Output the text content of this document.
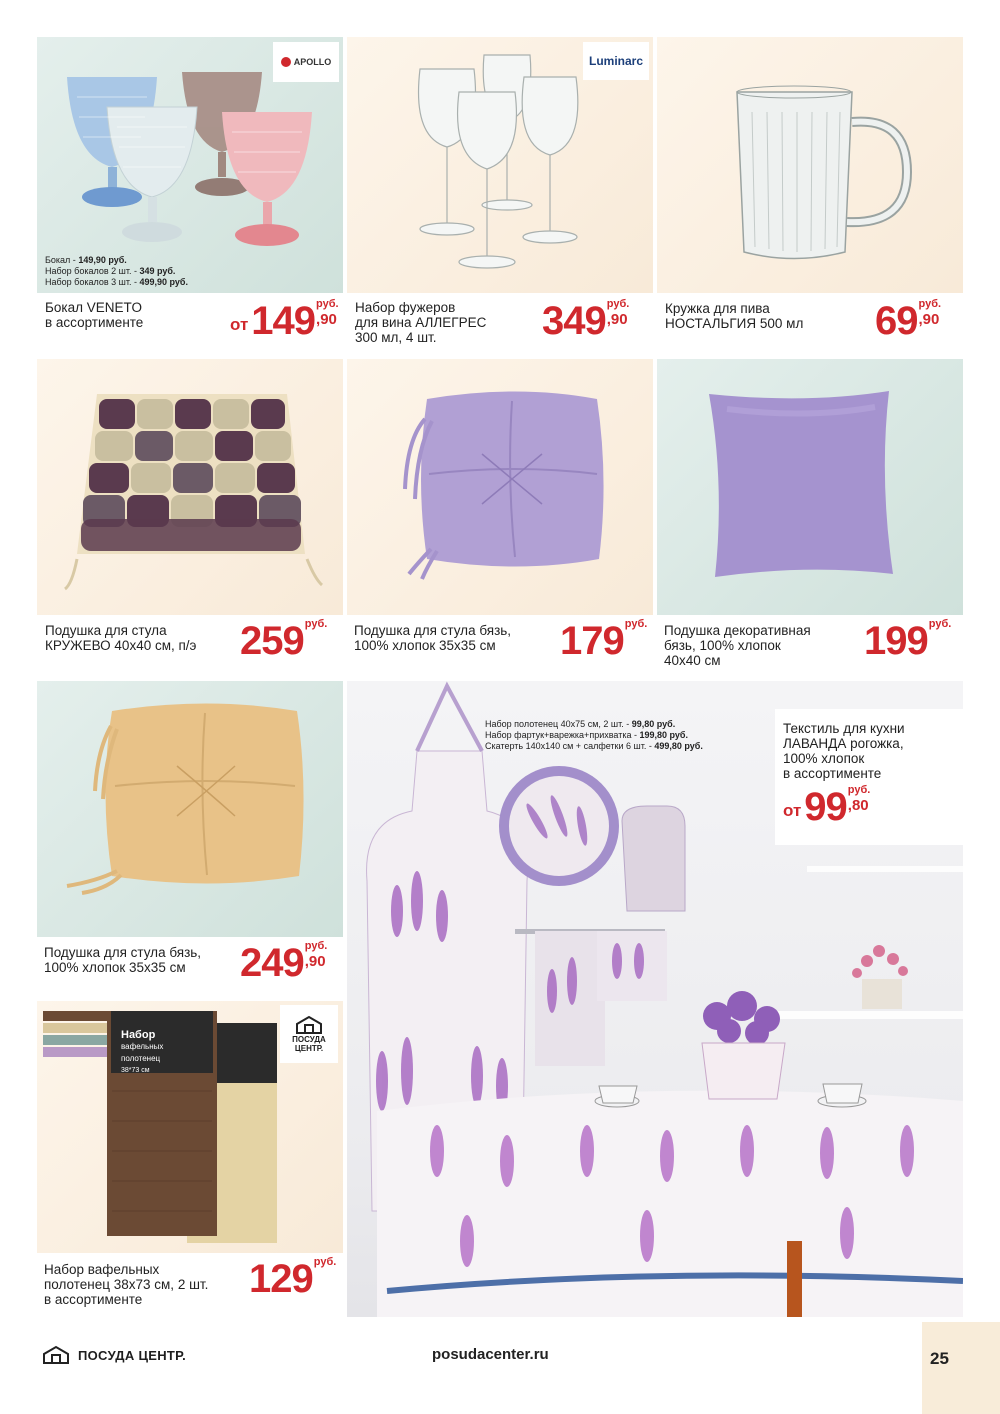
APOLLO
Бокал - 149,90 руб.
Набор бокалов 2 шт. - 349 руб.
Набор бокалов 3 шт. - 499,90 руб.
Бокал VENETO
в ассортименте	от149 руб.
,90
Luminarc
Набор фужеров
для вина АЛЛЕГРЕС
300 мл, 4 шт.	349 руб.
,90
Кружка для пива
НОСТАЛЬГИЯ 500 мл 69 руб.
,90
Подушка для стула
КРУЖЕВО 40х40 см, п/э 259 руб. Подушка для стула бязь,
100% хлопок 35х35 см	179 руб. Подушка декоративная
бязь, 100% хлопок
40х40 см	199 руб.
Подушка для стула бязь,
100% хлопок 35х35 см	249 руб.
,90
Набор
вафельных
полотенец
38*73 см
ПОСУДА
ЦЕНТР.
Набор вафельных
полотенец 38х73 см, 2 шт.
в ассортименте	129 руб.
Набор полотенец 40х75 см, 2 шт. - 99,80 руб.
Набор фартук+варежка+прихватка - 199,80 руб.
Скатерть 140х140 см + салфетки 6 шт. - 499,80 руб.
Текстиль для кухни
ЛАВАНДА рогожка,
100% хлопок
в ассортименте
от99 руб.
,80
ПОСУДА ЦЕНТР.	posudacenter.ru	25
